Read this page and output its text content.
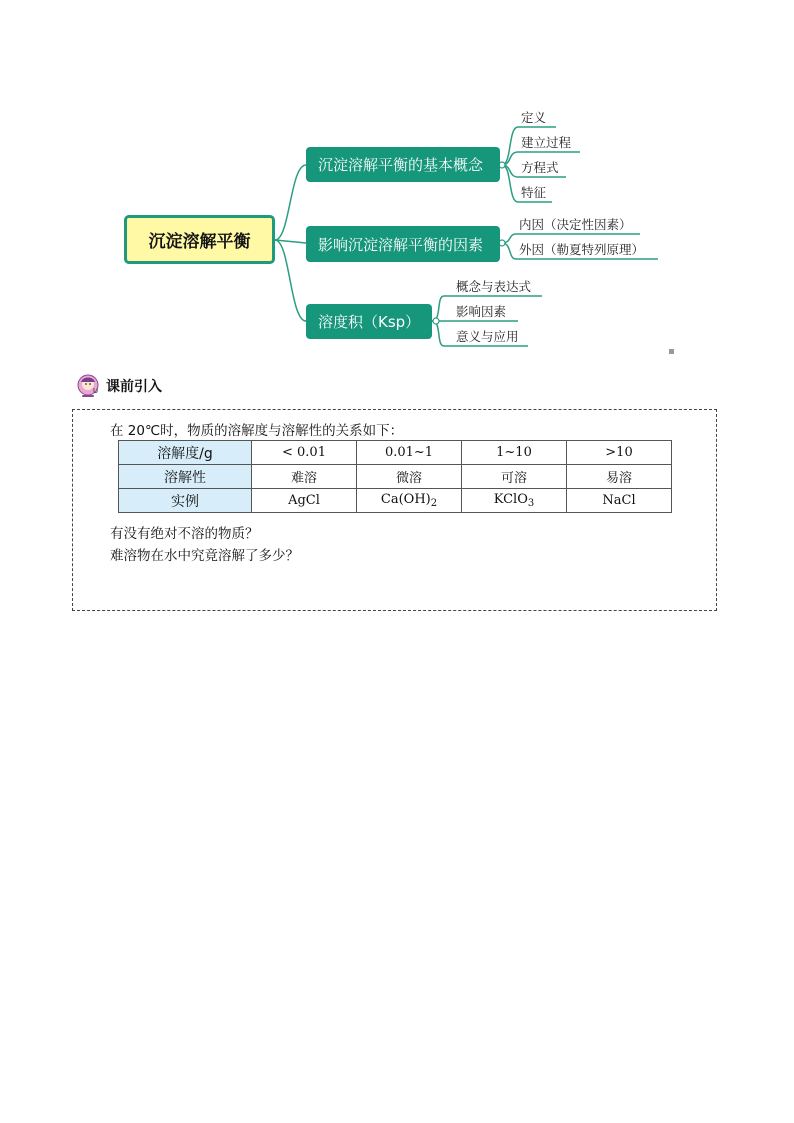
沉淀溶解平衡
沉淀溶解平衡的基本概念
影响沉淀溶解平衡的因素
溶度积（Ksp）
定义
建立过程
方程式
特征
内因（决定性因素）
外因（勒夏特列原理）
概念与表达式
影响因素
意义与应用
U 课前引入
在 20℃时，物质的溶解度与溶解性的关系如下：
溶解度/g	< 0.01	0.01~1	1~10	>10
溶解性	难溶	微溶	可溶	易溶
实例	AgCl	$Ca(OH)_2$	KClO$_3$	NaCl
有没有绝对不溶的物质？
难溶物在水中究竟溶解了多少？
